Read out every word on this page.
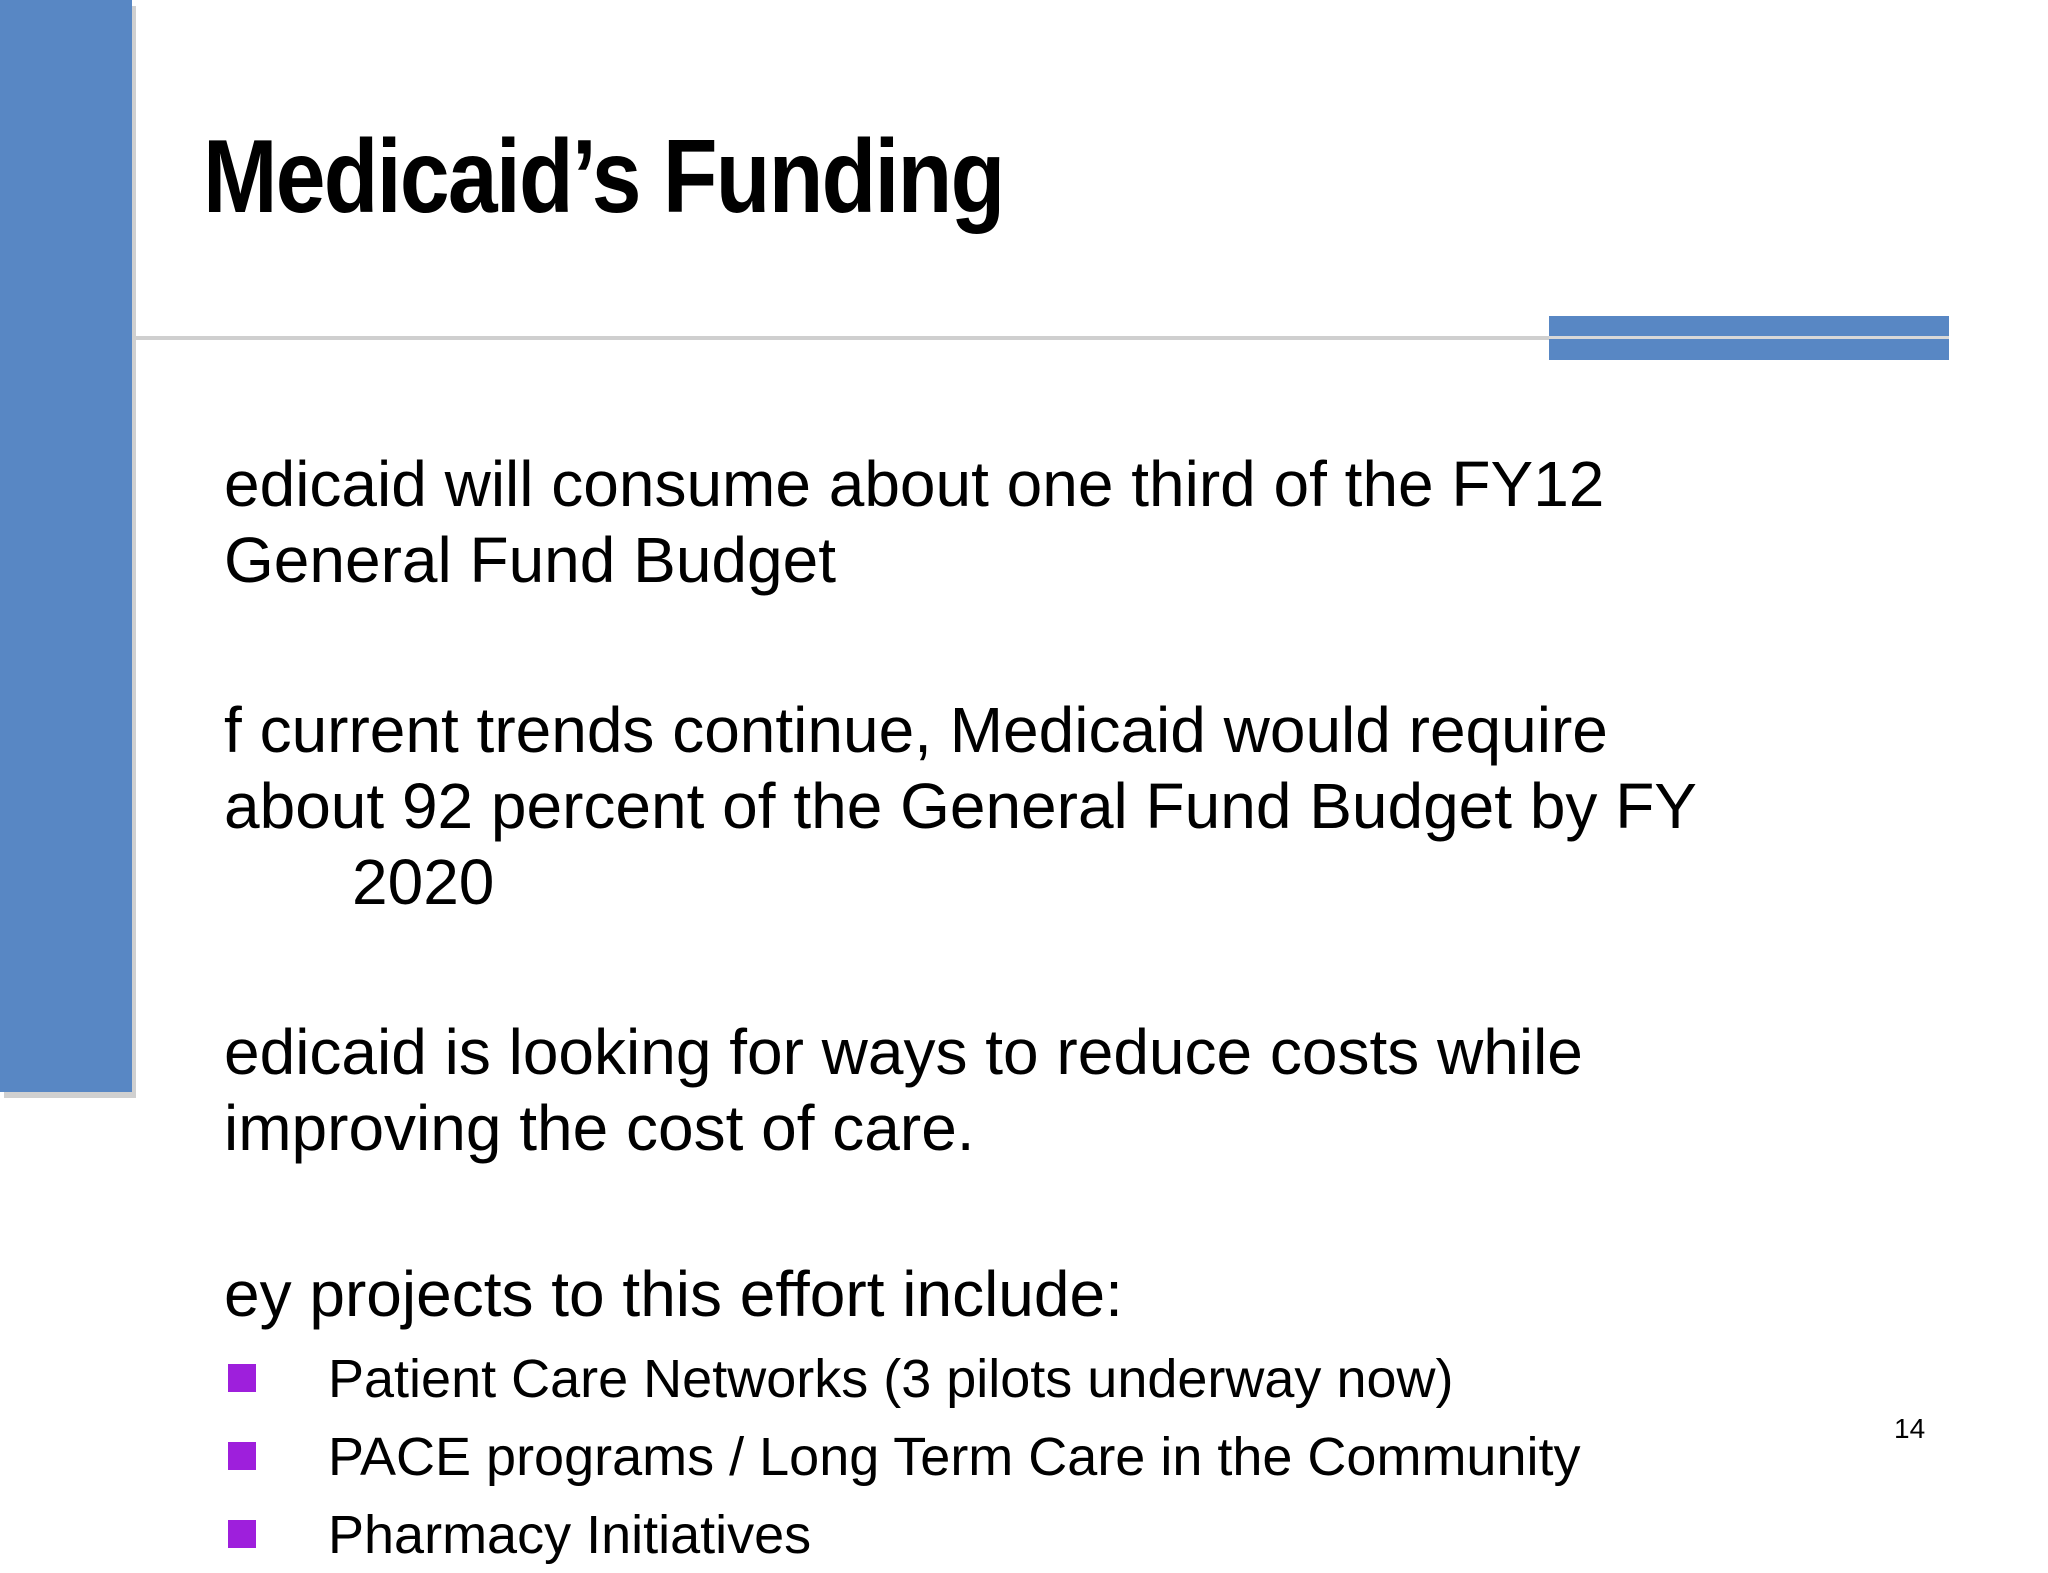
Medicaid’s Funding

edicaid will consume about one third of the FY12
General Fund Budget

f current trends continue, Medicaid would require
about 92 percent of the General Fund Budget by FY
2020

edicaid is looking for ways to reduce costs while
improving the cost of care.

ey projects to this effort include:

Patient Care Networks (3 pilots underway now)
PACE programs / Long Term Care in the Community
Pharmacy Initiatives
14
